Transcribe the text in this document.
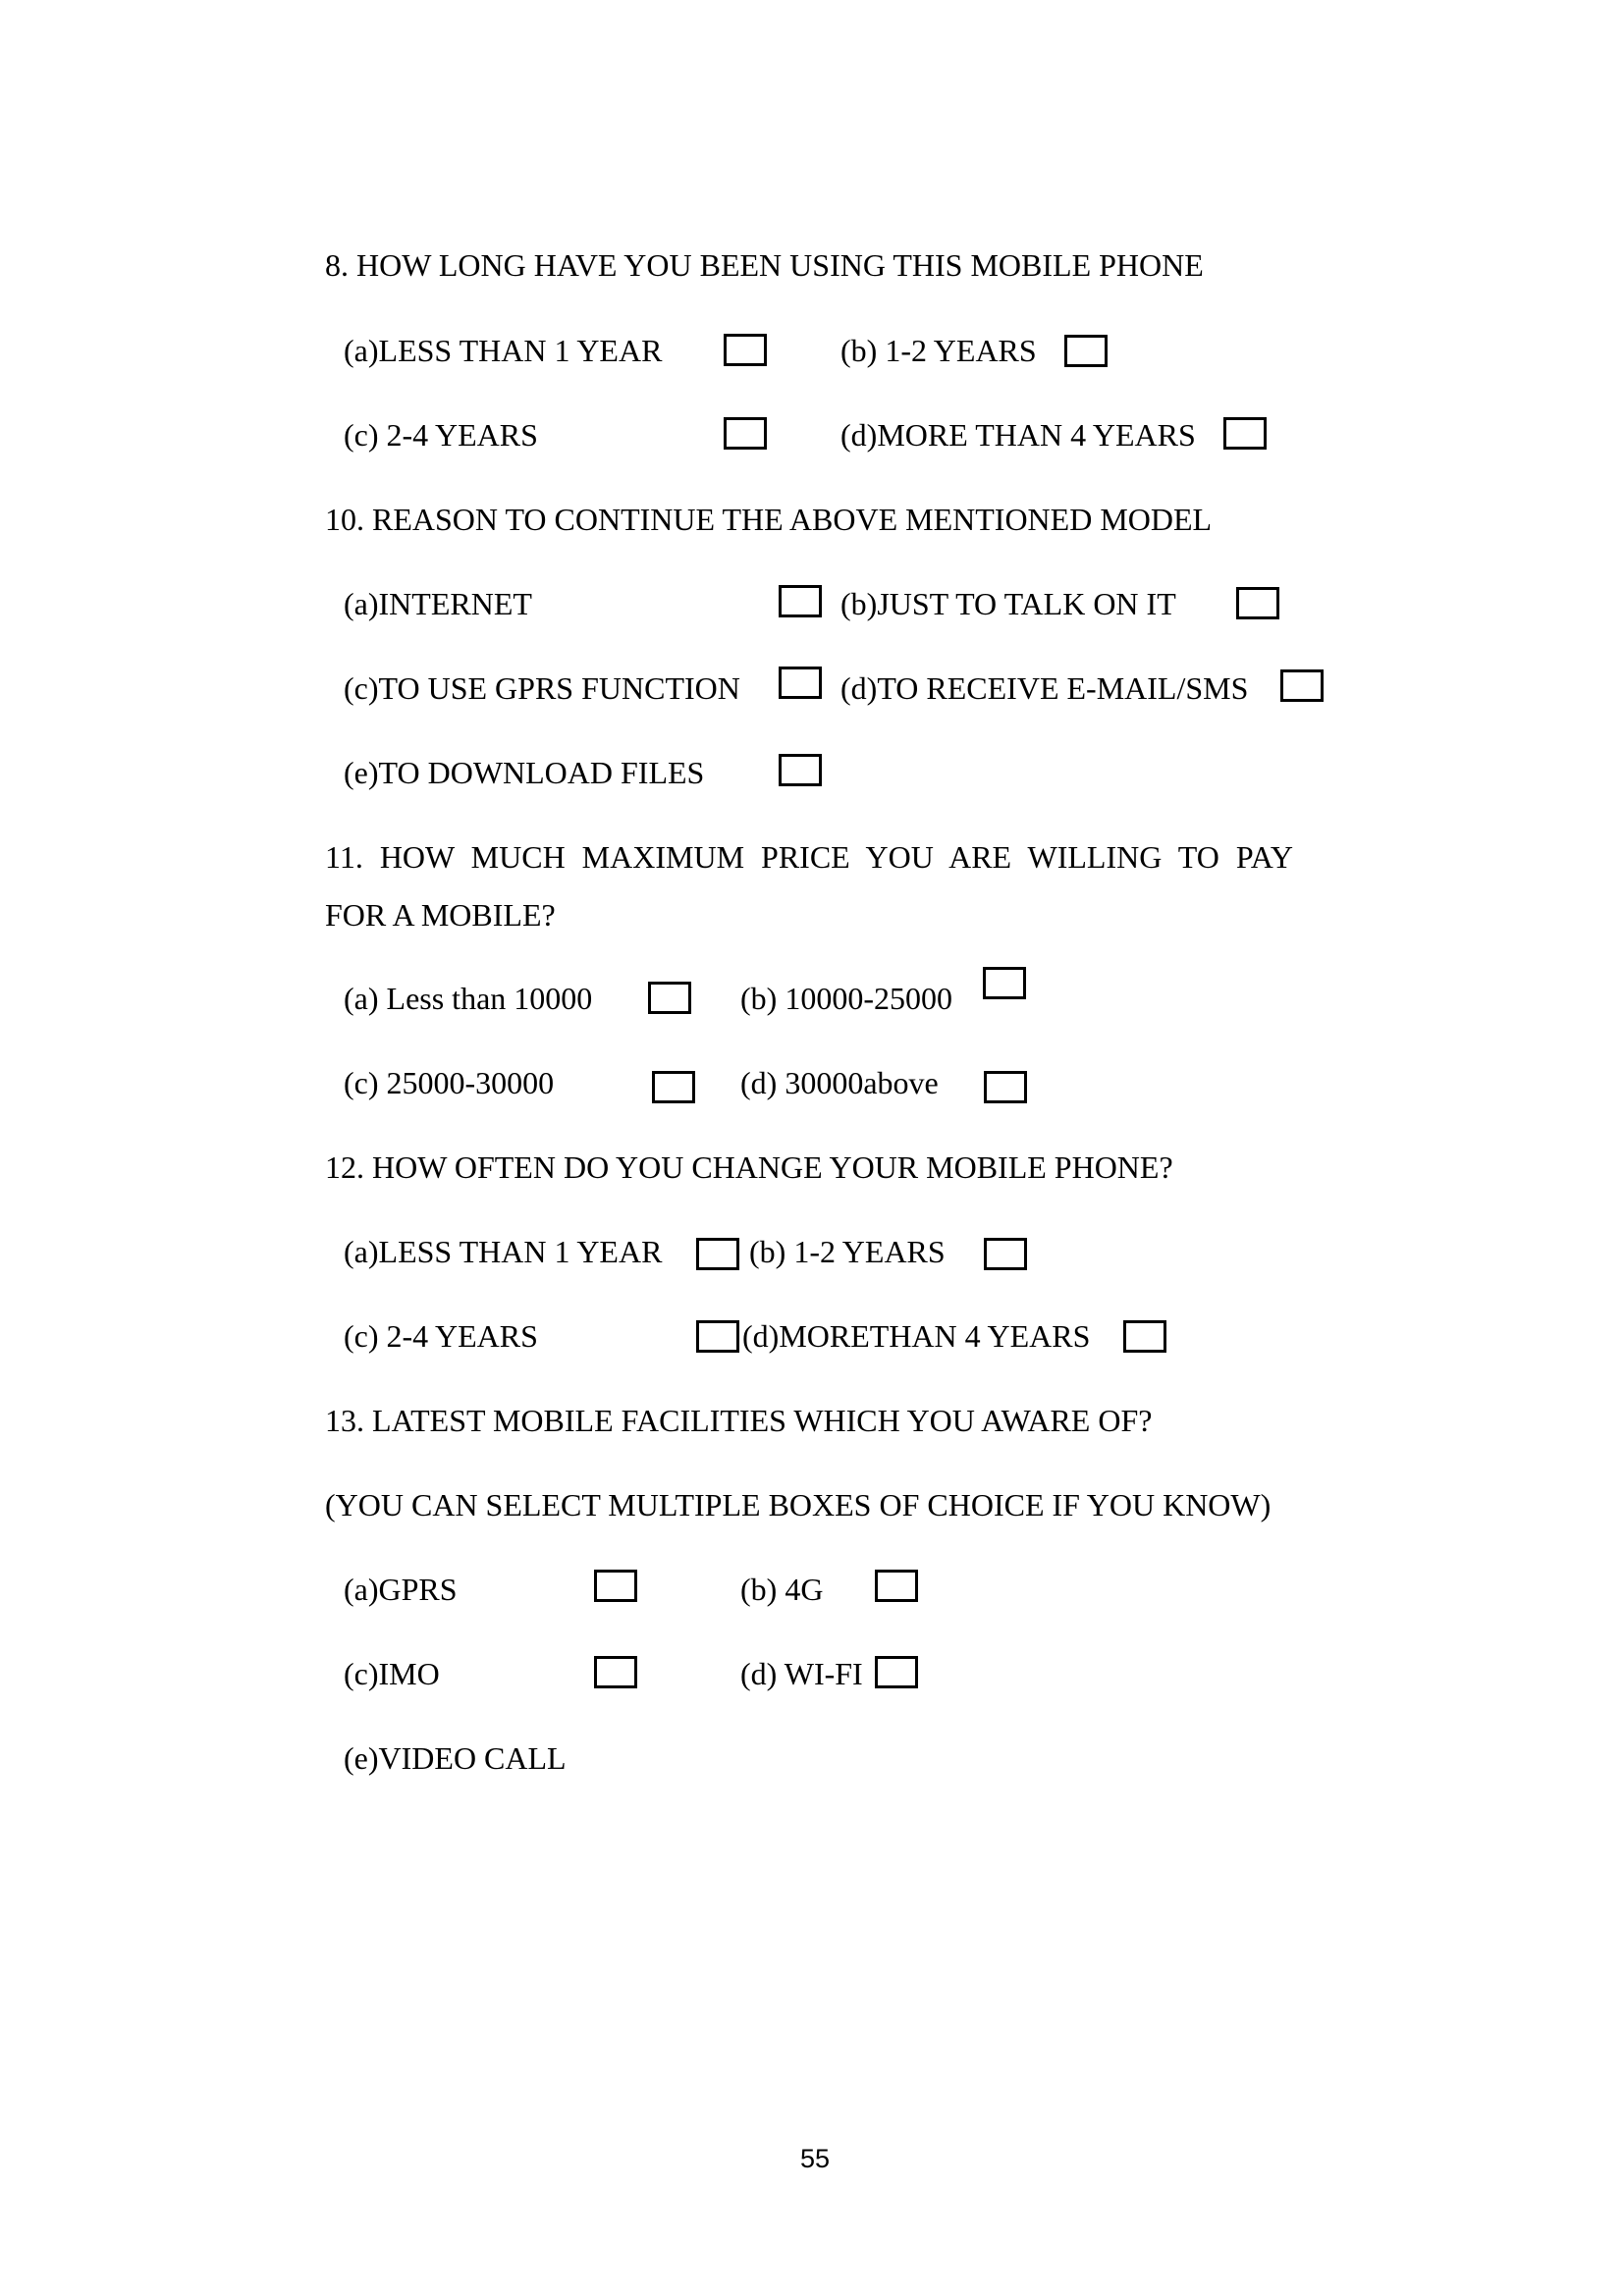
8. HOW LONG HAVE YOU BEEN USING THIS MOBILE PHONE
(a)LESS THAN 1 YEAR	(b) 1-2 YEARS
(c) 2-4 YEARS	(d)MORE THAN 4 YEARS
10. REASON TO CONTINUE THE ABOVE MENTIONED MODEL
(a)INTERNET	(b)JUST TO TALK ON IT
(c)TO USE GPRS FUNCTION	(d)TO RECEIVE E-MAIL/SMS
(e)TO DOWNLOAD FILES
11. HOW MUCH MAXIMUM PRICE YOU ARE WILLING TO PAY
FOR A MOBILE?
(a) Less than 10000	(b) 10000-25000
(c) 25000-30000	(d) 30000above
12. HOW OFTEN DO YOU CHANGE YOUR MOBILE PHONE?
(a)LESS THAN 1 YEAR	(b) 1-2 YEARS
(c) 2-4 YEARS	(d)MORETHAN 4 YEARS
13. LATEST MOBILE FACILITIES WHICH YOU AWARE OF?
(YOU CAN SELECT MULTIPLE BOXES OF CHOICE IF YOU KNOW)
(a)GPRS	(b) 4G
(c)IMO	(d) WI-FI
(e)VIDEO CALL
55
